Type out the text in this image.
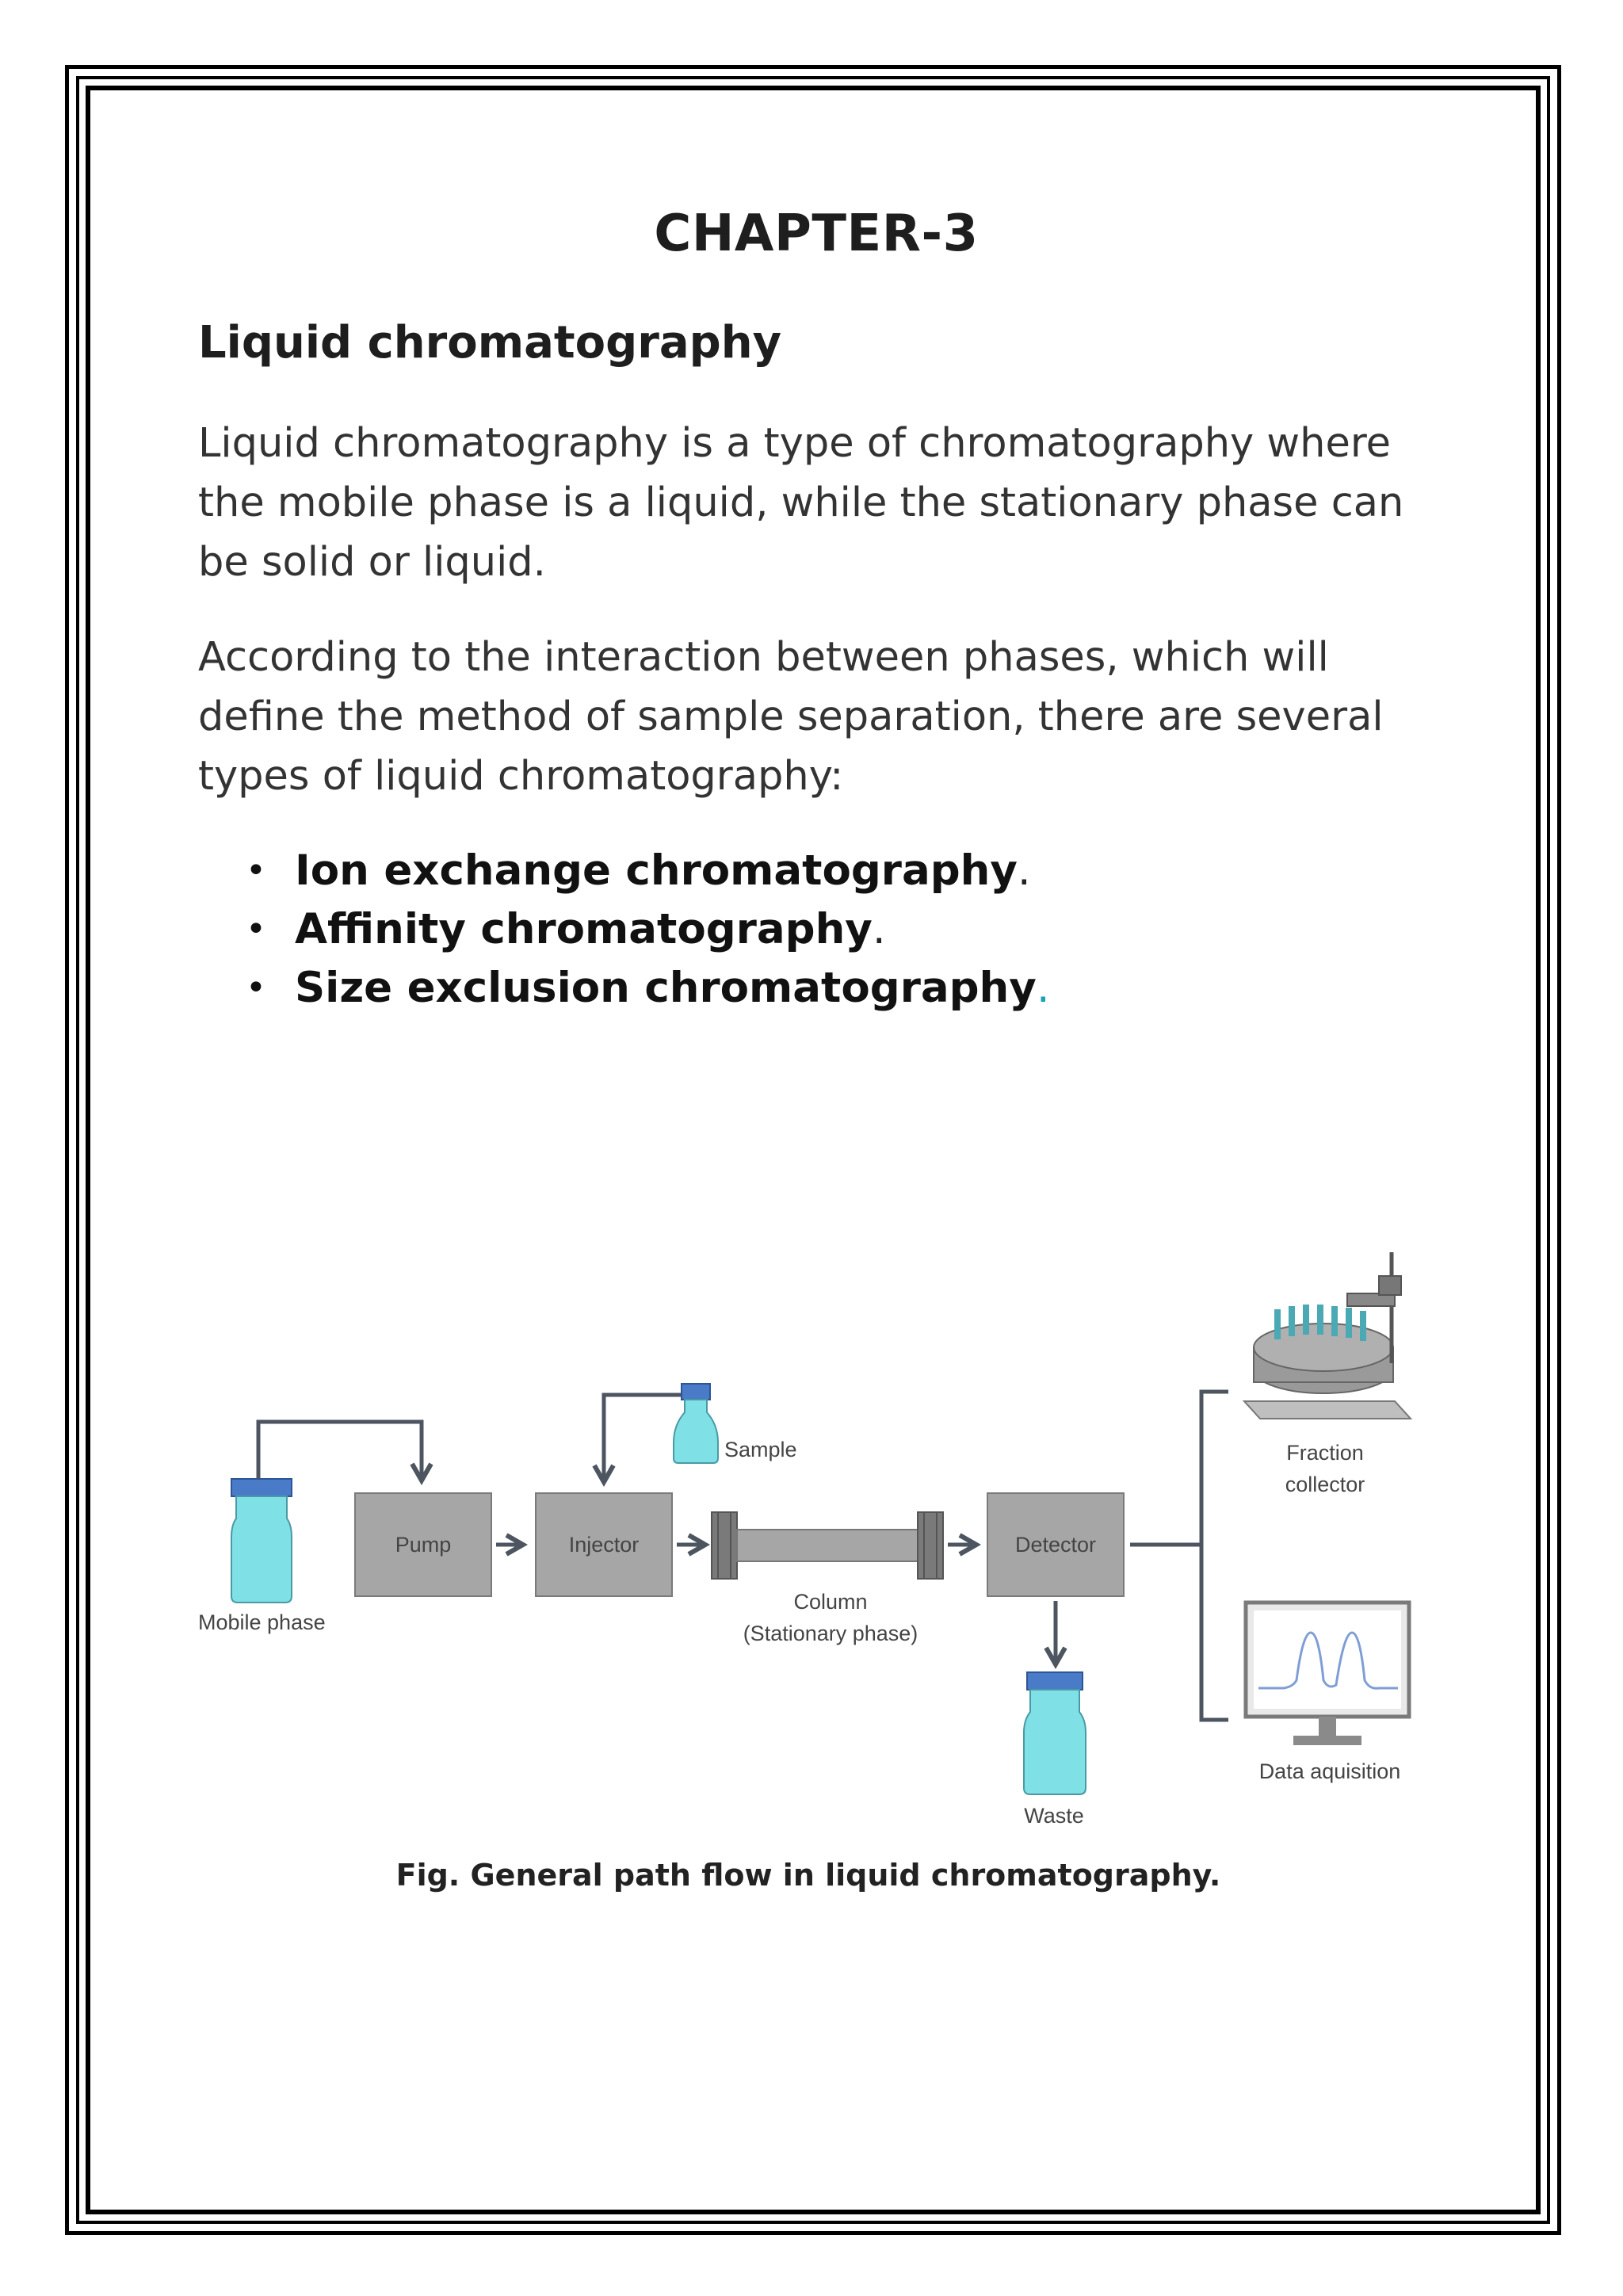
CHAPTER-3
Liquid chromatography

Liquid chromatography is a type of chromatography where the mobile phase is a liquid, while the stationary phase can be solid or liquid.

According to the interaction between phases, which will define the method of sample separation, there are several types of liquid chromatography:

• Ion exchange chromatography.
• Affinity chromatography.
• Size exclusion chromatography.

Fig. General path flow in liquid chromatography.

Mobile phase
Pump	Injector
Sample
Column
(Stationary phase)
Detector
Waste
Fraction
collector
Data aquisition
